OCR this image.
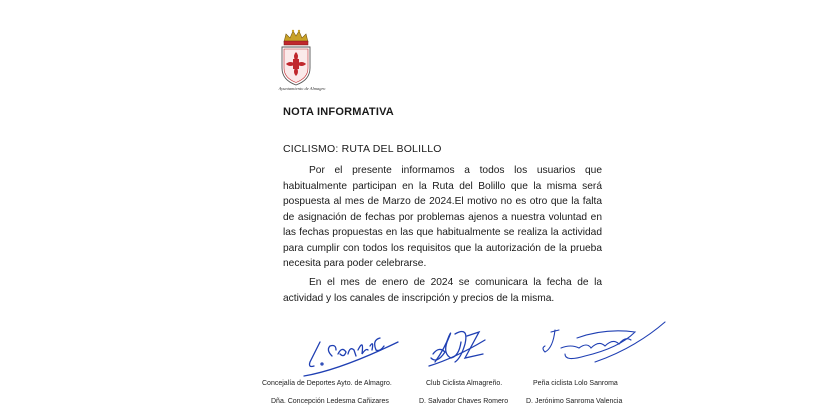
Ayuntamiento de Almagro
NOTA INFORMATIVA
CICLISMO: RUTA DEL BOLILLO

Por el presente informamos a todos los usuarios que habitualmente participan en la Ruta del Bolillo que la misma será pospuesta al mes de Marzo de 2024.El motivo no es otro que la falta de asignación de fechas por problemas ajenos a nuestra voluntad en las fechas propuestas en las que habitualmente se realiza la actividad para cumplir con todos los requisitos que la autorización de la prueba necesita para poder celebrarse.

En el mes de enero de 2024 se comunicara la fecha de la actividad y los canales de inscripción y precios de la misma.

Concejalía de Deportes Ayto. de Almagro.	Club Ciclista Almagreño.	Peña ciclista Lolo Sanroma
Dña. Concepción Ledesma Cañizares	D. Salvador Chaves Romero	D. Jerónimo Sanroma Valencia
